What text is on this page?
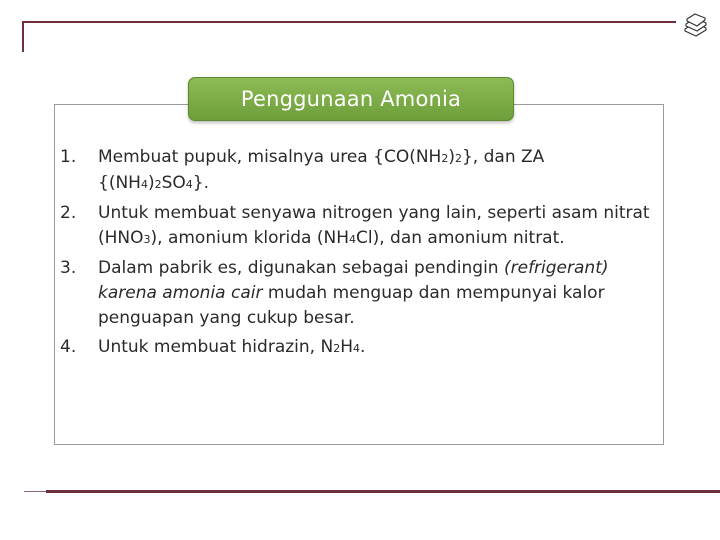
Penggunaan Amonia
1. Membuat pupuk, misalnya urea {CO(NH2)2}, dan ZA {(NH4)2SO4}.
2. Untuk membuat senyawa nitrogen yang lain, seperti asam nitrat (HNO3), amonium klorida (NH4Cl), dan amonium nitrat.
3. Dalam pabrik es, digunakan sebagai pendingin (refrigerant) karena amonia cair mudah menguap dan mempunyai kalor penguapan yang cukup besar.
4. Untuk membuat hidrazin, N2H4.
